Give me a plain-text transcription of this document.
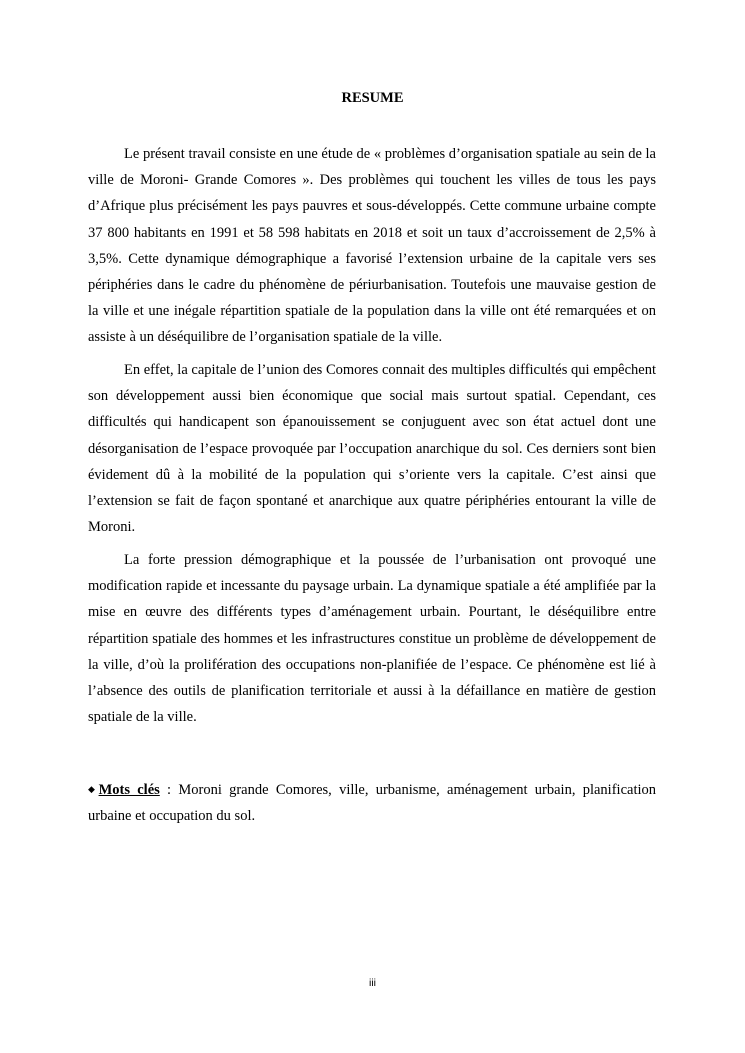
RESUME

Le présent travail consiste en une étude de « problèmes d’organisation spatiale au sein de la ville de Moroni- Grande Comores ». Des problèmes qui touchent les villes de tous les pays d’Afrique plus précisément les pays pauvres et sous-développés. Cette commune urbaine compte 37 800 habitants en 1991 et 58 598 habitats en 2018 et soit un taux d’accroissement de 2,5% à 3,5%. Cette dynamique démographique a favorisé l’extension urbaine de la capitale vers ses périphéries dans le cadre du phénomène de périurbanisation. Toutefois une mauvaise gestion de la ville et une inégale répartition spatiale de la population dans la ville ont été remarquées et on assiste à un déséquilibre de l’organisation spatiale de la ville.

En effet, la capitale de l’union des Comores connait des multiples difficultés qui empêchent son développement aussi bien économique que social mais surtout spatial. Cependant, ces difficultés qui handicapent son épanouissement se conjuguent avec son état actuel dont une désorganisation de l’espace provoquée par l’occupation anarchique du sol. Ces derniers sont bien évidement dû à la mobilité de la population qui s’oriente vers la capitale. C’est ainsi que l’extension se fait de façon spontané et anarchique aux quatre périphéries entourant la ville de Moroni.

La forte pression démographique et la poussée de l’urbanisation ont provoqué une modification rapide et incessante du paysage urbain. La dynamique spatiale a été amplifiée par la mise en œuvre des différents types d’aménagement urbain. Pourtant, le déséquilibre entre répartition spatiale des hommes et les infrastructures constitue un problème de développement de la ville, d’où la prolifération des occupations non-planifiée de l’espace. Ce phénomène est lié à l’absence des outils de planification territoriale et aussi à la défaillance en matière de gestion spatiale de la ville.

◆Mots clés : Moroni grande Comores, ville, urbanisme, aménagement urbain, planification urbaine et occupation du sol.
iii
